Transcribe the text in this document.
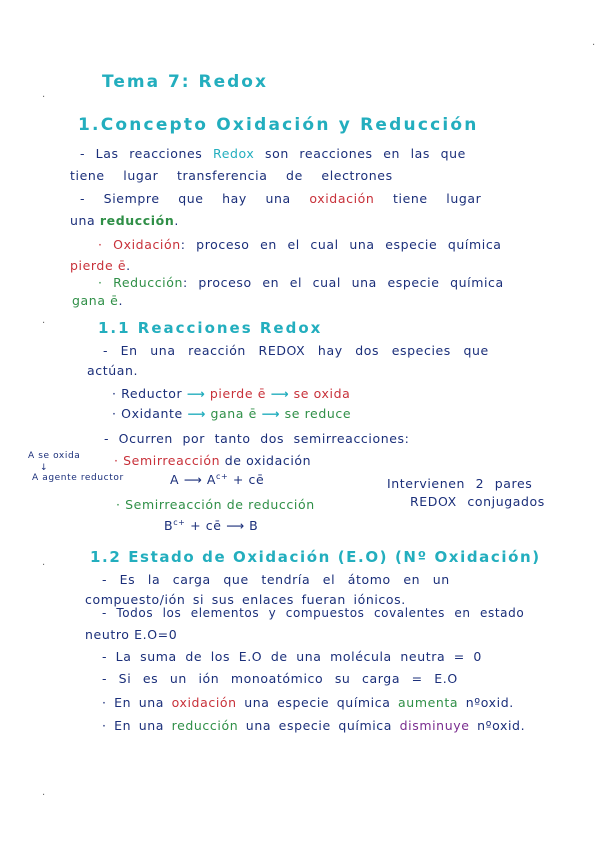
Tema 7: Redox
1.Concepto Oxidación y Reducción
- Las reacciones Redox son reacciones en las que
tiene lugar transferencia de electrones
- Siempre que hay una oxidación tiene lugar
una reducción.
· Oxidación: proceso en el cual una especie química
pierde ē.
· Reducción: proceso en el cual una especie química
gana ē.
1.1 Reacciones Redox
- En una reacción REDOX hay dos especies que
actúan.
· Reductor ⟶ pierde ē ⟶ se oxida
· Oxidante ⟶ gana ē ⟶ se reduce
- Ocurren por tanto dos semirreacciones:
· Semirreacción de oxidación
A se oxida
↓
A agente reductor	A ⟶ $A^{c+}$ + cē	Intervienen 2 pares
REDOX conjugados
· Semirreacción de reducción
$B^{c+}$ + cē ⟶ B
1.2 Estado de Oxidación (E.O) (Nº Oxidación)
- Es la carga que tendría el átomo en un
compuesto/ión si sus enlaces fueran iónicos.
- Todos los elementos y compuestos covalentes en estado
neutro E.O=0
- La suma de los E.O de una molécula neutra = 0
- Si es un ión monoatómico su carga = E.O
· En una oxidación una especie química aumenta nºoxid.
· En una reducción una especie química disminuye nºoxid.
·
·
·
·
·
